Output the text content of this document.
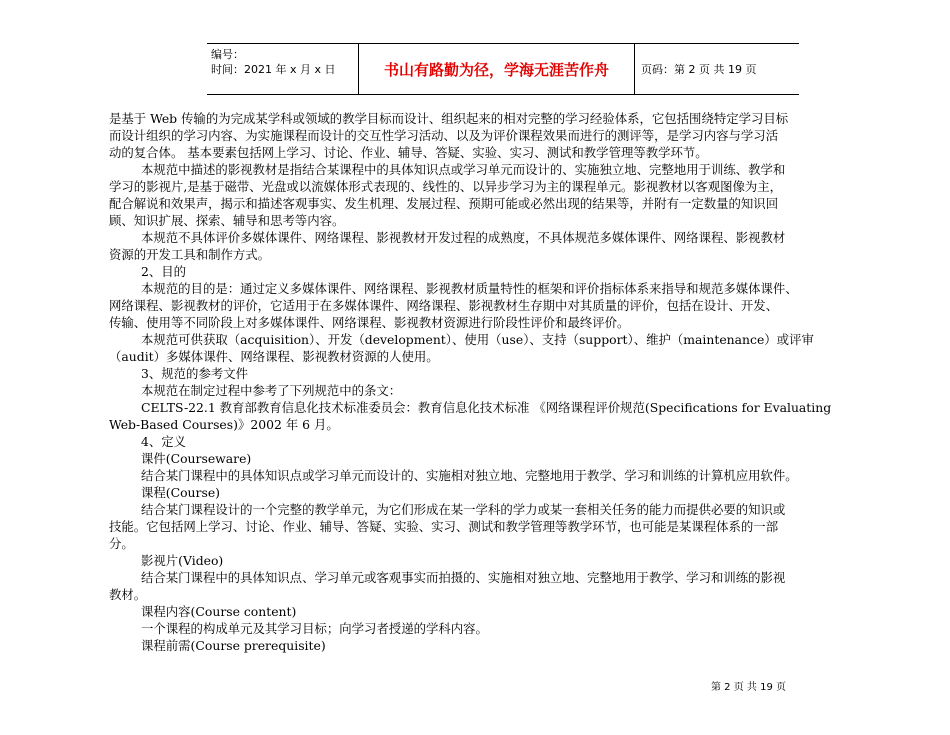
编号：
时间：2021 年 x 月 x 日	书山有路勤为径，学海无涯苦作舟	页码：第 2 页 共 19 页

是基于 Web 传输的为完成某学科或领域的教学目标而设计、组织起来的相对完整的学习经验体系，它包括围绕特定学习目标

而设计组织的学习内容、为实施课程而设计的交互性学习活动、以及为评价课程效果而进行的测评等，是学习内容与学习活

动的复合体。 基本要素包括网上学习、讨论、作业、辅导、答疑、实验、实习、测试和教学管理等教学环节。

本规范中描述的影视教材是指结合某课程中的具体知识点或学习单元而设计的、实施独立地、完整地用于训练、教学和

学习的影视片,是基于磁带、光盘或以流媒体形式表现的、线性的、以异步学习为主的课程单元。影视教材以客观图像为主，

配合解说和效果声，揭示和描述客观事实、发生机理、发展过程、预期可能或必然出现的结果等，并附有一定数量的知识回

顾、知识扩展、探索、辅导和思考等内容。

本规范不具体评价多媒体课件、网络课程、影视教材开发过程的成熟度，不具体规范多媒体课件、网络课程、影视教材

资源的开发工具和制作方式。

2、目的

本规范的目的是：通过定义多媒体课件、网络课程、影视教材质量特性的框架和评价指标体系来指导和规范多媒体课件、

网络课程、影视教材的评价，它适用于在多媒体课件、网络课程、影视教材生存期中对其质量的评价，包括在设计、开发、

传输、使用等不同阶段上对多媒体课件、网络课程、影视教材资源进行阶段性评价和最终评价。

本规范可供获取（acquisition）、开发（development）、使用（use）、支持（support）、维护（maintenance）或评审

（audit）多媒体课件、网络课程、影视教材资源的人使用。

3、规范的参考文件

本规范在制定过程中参考了下列规范中的条文：

CELTS-22.1 教育部教育信息化技术标准委员会：教育信息化技术标准 《网络课程评价规范(Specifications for Evaluating

Web-Based Courses)》2002 年 6 月。

4、定义

课件(Courseware)

结合某门课程中的具体知识点或学习单元而设计的、实施相对独立地、完整地用于教学、学习和训练的计算机应用软件。

课程(Course)

结合某门课程设计的一个完整的教学单元，为它们形成在某一学科的学力或某一套相关任务的能力而提供必要的知识或

技能。它包括网上学习、讨论、作业、辅导、答疑、实验、实习、测试和教学管理等教学环节，也可能是某课程体系的一部

分。

影视片(Video)

结合某门课程中的具体知识点、学习单元或客观事实而拍摄的、实施相对独立地、完整地用于教学、学习和训练的影视

教材。

课程内容(Course content)

一个课程的构成单元及其学习目标；向学习者授递的学科内容。

课程前需(Course prerequisite)

第 2 页 共 19 页
